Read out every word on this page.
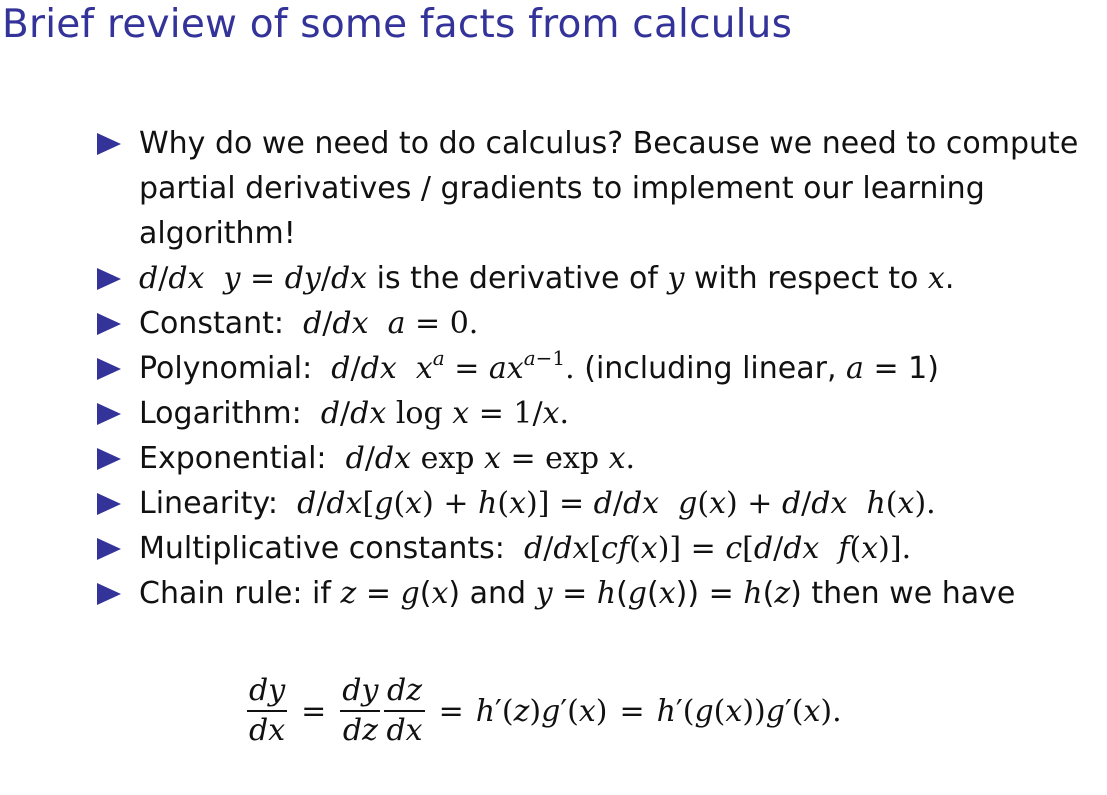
Brief review of some facts from calculus
Why do we need to do calculus? Because we need to compute partial derivatives / gradients to implement our learning algorithm!
d/dx  y = dy/dx is the derivative of y with respect to x.
Constant: d/dx  a = 0.
Polynomial: d/dx  $x^a = ax^{a-1}$. (including linear, a = 1)
Logarithm: d/dx log x = 1/x.
Exponential: d/dx exp x = exp x.
Linearity: d/dx[g(x) + h(x)] = d/dx  g(x) + d/dx  h(x).
Multiplicative constants: d/dx[cf(x)] = c[d/dx  f(x)].
Chain rule: if z = g(x) and y = h(g(x)) = h(z) then we have
$\frac{dy}{dx} = \frac{dy}{dz} \frac{dz}{dx} = h'(z)g'(x) = h'(g(x))g'(x)$.
